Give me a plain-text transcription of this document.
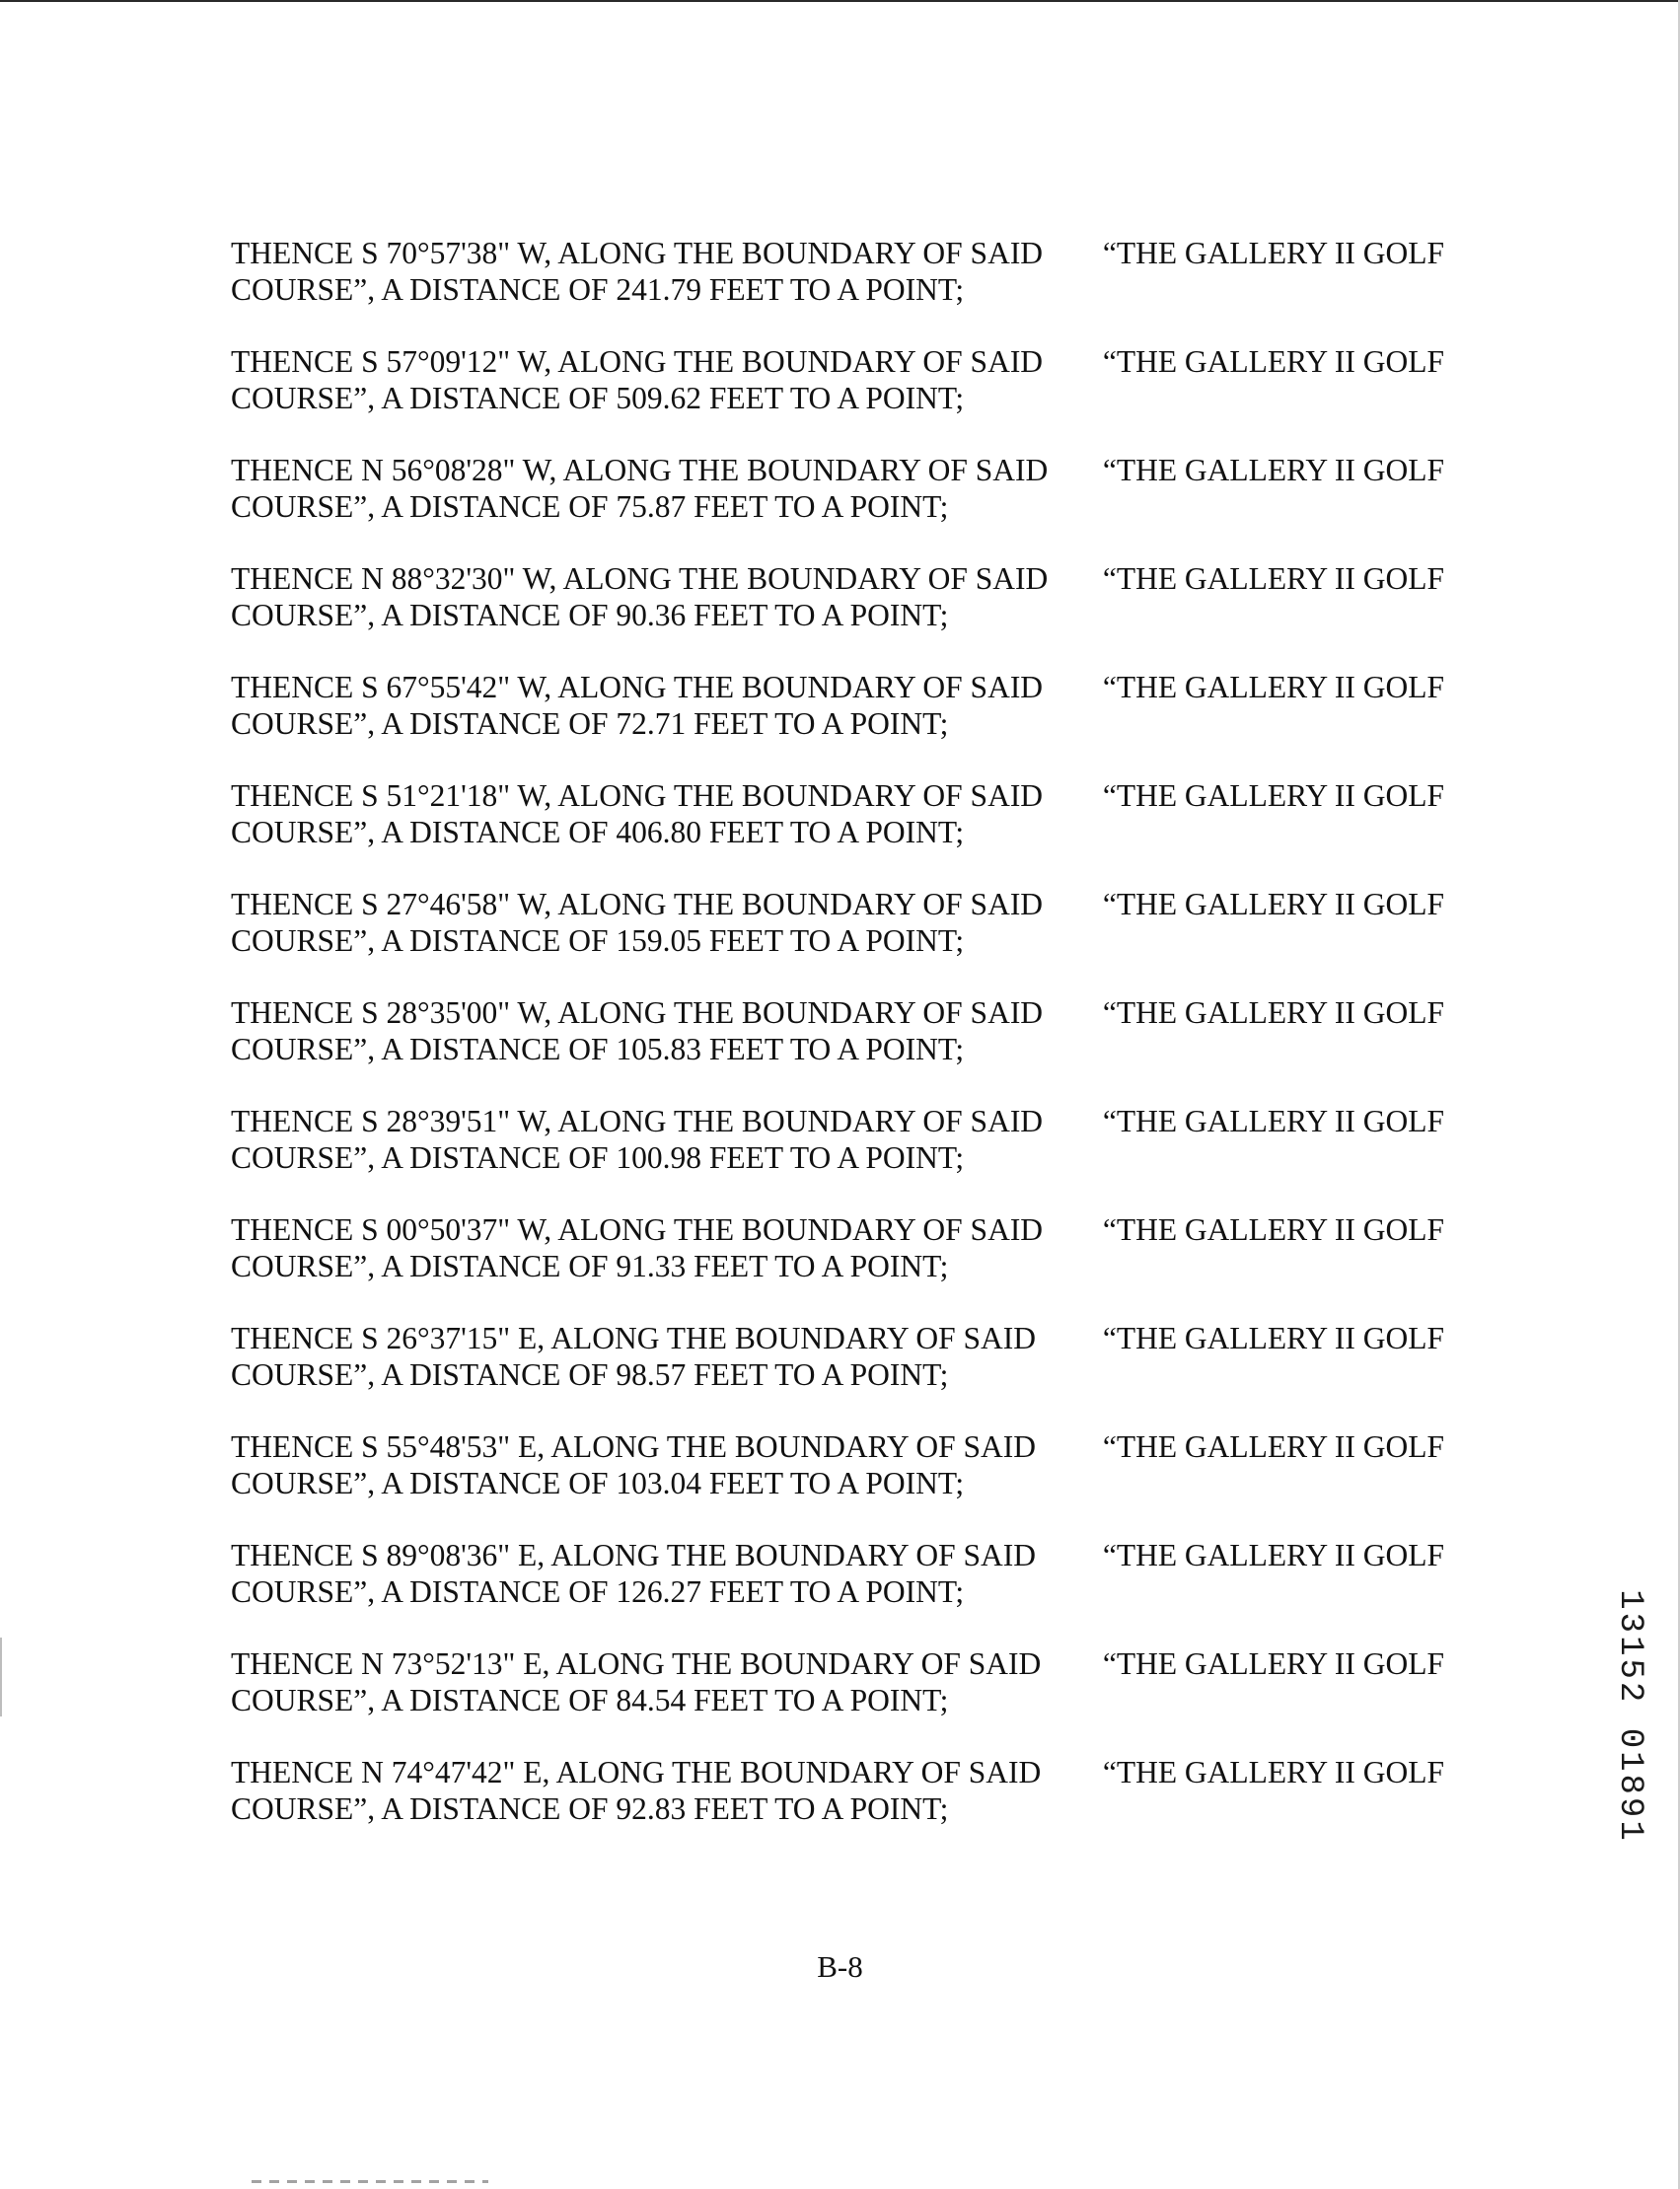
THENCE S 70°57'38" W, ALONG THE BOUNDARY OF SAID “THE GALLERY II GOLF
COURSE”, A DISTANCE OF 241.79 FEET TO A POINT;
THENCE S 57°09'12" W, ALONG THE BOUNDARY OF SAID “THE GALLERY II GOLF
COURSE”, A DISTANCE OF 509.62 FEET TO A POINT;
THENCE N 56°08'28" W, ALONG THE BOUNDARY OF SAID “THE GALLERY II GOLF
COURSE”, A DISTANCE OF 75.87 FEET TO A POINT;
THENCE N 88°32'30" W, ALONG THE BOUNDARY OF SAID “THE GALLERY II GOLF
COURSE”, A DISTANCE OF 90.36 FEET TO A POINT;
THENCE S 67°55'42" W, ALONG THE BOUNDARY OF SAID “THE GALLERY II GOLF
COURSE”, A DISTANCE OF 72.71 FEET TO A POINT;
THENCE S 51°21'18" W, ALONG THE BOUNDARY OF SAID “THE GALLERY II GOLF
COURSE”, A DISTANCE OF 406.80 FEET TO A POINT;
THENCE S 27°46'58" W, ALONG THE BOUNDARY OF SAID “THE GALLERY II GOLF
COURSE”, A DISTANCE OF 159.05 FEET TO A POINT;
THENCE S 28°35'00" W, ALONG THE BOUNDARY OF SAID “THE GALLERY II GOLF
COURSE”, A DISTANCE OF 105.83 FEET TO A POINT;
THENCE S 28°39'51" W, ALONG THE BOUNDARY OF SAID “THE GALLERY II GOLF
COURSE”, A DISTANCE OF 100.98 FEET TO A POINT;
THENCE S 00°50'37" W, ALONG THE BOUNDARY OF SAID “THE GALLERY II GOLF
COURSE”, A DISTANCE OF 91.33 FEET TO A POINT;
THENCE S 26°37'15" E, ALONG THE BOUNDARY OF SAID “THE GALLERY II GOLF
COURSE”, A DISTANCE OF 98.57 FEET TO A POINT;
THENCE S 55°48'53" E, ALONG THE BOUNDARY OF SAID “THE GALLERY II GOLF
COURSE”, A DISTANCE OF 103.04 FEET TO A POINT;
THENCE S 89°08'36" E, ALONG THE BOUNDARY OF SAID “THE GALLERY II GOLF
COURSE”, A DISTANCE OF 126.27 FEET TO A POINT;
THENCE N 73°52'13" E, ALONG THE BOUNDARY OF SAID “THE GALLERY II GOLF
COURSE”, A DISTANCE OF 84.54 FEET TO A POINT;
THENCE N 74°47'42" E, ALONG THE BOUNDARY OF SAID “THE GALLERY II GOLF
COURSE”, A DISTANCE OF 92.83 FEET TO A POINT;
B-8
13152 01891
